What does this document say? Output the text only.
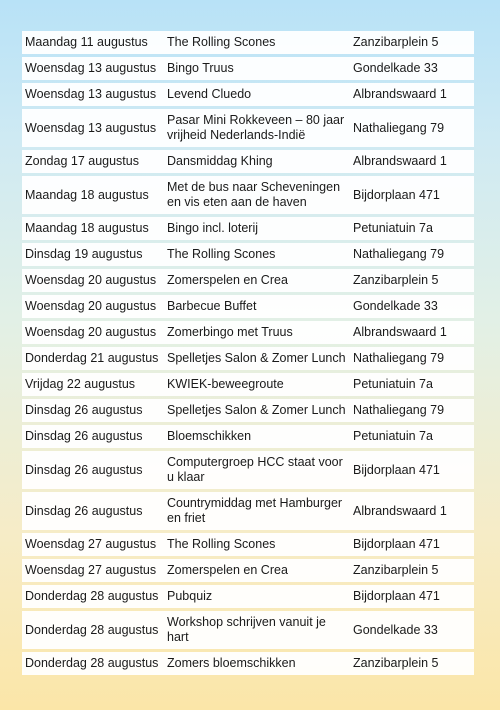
Maandag 11 augustus	The Rolling Scones	Zanzibarplein 5
Woensdag 13 augustus	Bingo Truus	Gondelkade 33
Woensdag 13 augustus	Levend Cluedo	Albrandswaard 1
Woensdag 13 augustus	Pasar Mini Rokkeveen – 80 jaar vrijheid Nederlands-Indië	Nathaliegang 79
Zondag 17 augustus	Dansmiddag Khing	Albrandswaard 1
Maandag 18 augustus	Met de bus naar Scheveningen en vis eten aan de haven	Bijdorplaan 471
Maandag 18 augustus	Bingo incl. loterij	Petuniatuin 7a
Dinsdag 19 augustus	The Rolling Scones	Nathaliegang 79
Woensdag 20 augustus	Zomerspelen en Crea	Zanzibarplein 5
Woensdag 20 augustus	Barbecue Buffet	Gondelkade 33
Woensdag 20 augustus	Zomerbingo met Truus	Albrandswaard 1
Donderdag 21 augustus	Spelletjes Salon & Zomer Lunch	Nathaliegang 79
Vrijdag 22 augustus	KWIEK-beweegroute	Petuniatuin 7a
Dinsdag 26 augustus	Spelletjes Salon & Zomer Lunch	Nathaliegang 79
Dinsdag 26 augustus	Bloemschikken	Petuniatuin 7a
Dinsdag 26 augustus	Computergroep HCC staat voor u klaar	Bijdorplaan 471
Dinsdag 26 augustus	Countrymiddag met Hamburger en friet	Albrandswaard 1
Woensdag 27 augustus	The Rolling Scones	Bijdorplaan 471
Woensdag 27 augustus	Zomerspelen en Crea	Zanzibarplein 5
Donderdag 28 augustus	Pubquiz	Bijdorplaan 471
Donderdag 28 augustus	Workshop schrijven vanuit je hart	Gondelkade 33
Donderdag 28 augustus	Zomers bloemschikken	Zanzibarplein 5
